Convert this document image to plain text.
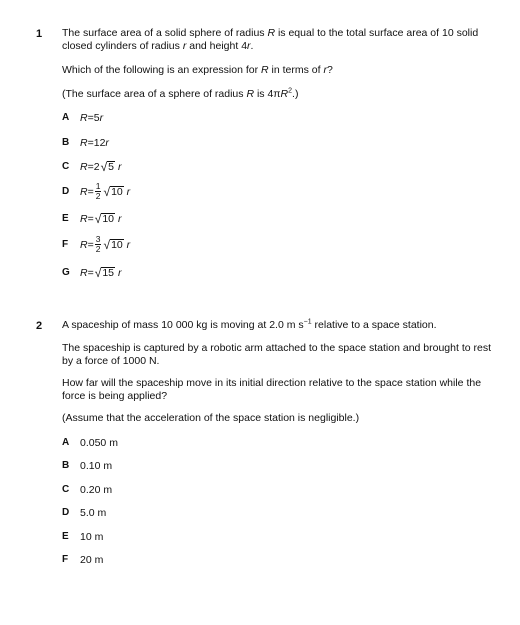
1 The surface area of a solid sphere of radius R is equal to the total surface area of 10 solid closed cylinders of radius r and height 4r.
Which of the following is an expression for R in terms of r?
(The surface area of a sphere of radius R is $4\pi R^2$.)
A	R = 5 r
B	R = 12 r
C	R = 2 √ 5
r
D	$R = \frac{1}{2}$ √ 10
r
E	R = √ 10
r
F	$R = \frac{3}{2}$ √ 10
r
G R = √ 15
r
2 A spaceship of mass 10 000 kg is moving at 2.0 m $s^{-1}$ relative to a space station.
The spaceship is captured by a robotic arm attached to the space station and brought to rest by a force of 1000 N.
How far will the spaceship move in its initial direction relative to the space station while the force is being applied?
(Assume that the acceleration of the space station is negligible.)
A	0.050 m
B	0.10 m
C	0.20 m
D	5.0 m
E	10 m
F	20 m
